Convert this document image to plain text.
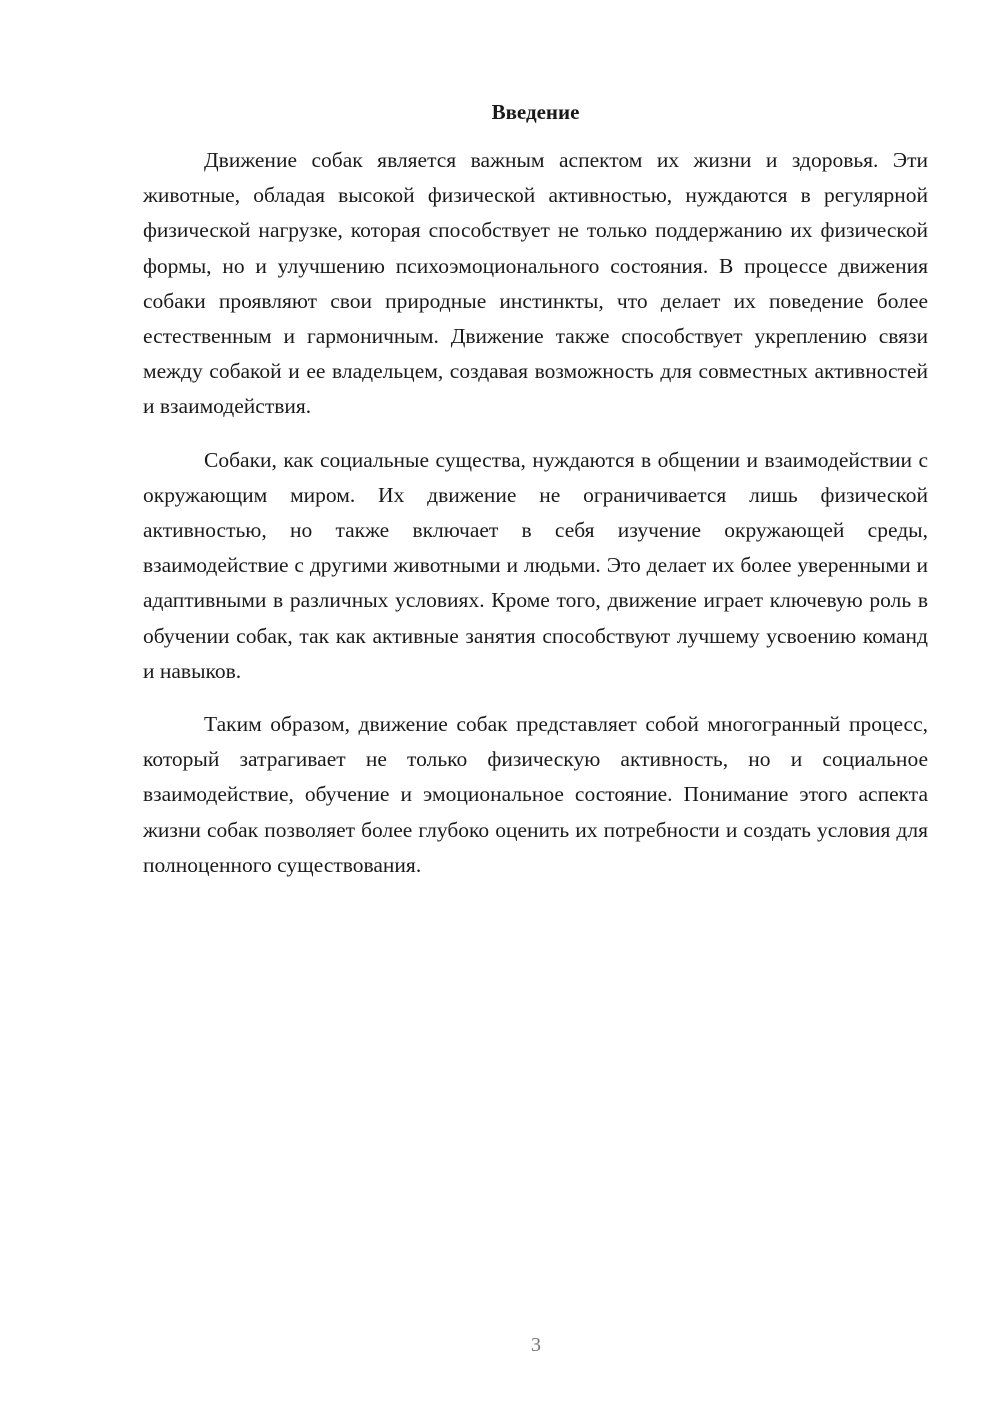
Введение

Движение собак является важным аспектом их жизни и здоровья. Эти животные, обладая высокой физической активностью, нуждаются в регулярной физической нагрузке, которая способствует не только поддержанию их физической формы, но и улучшению психоэмоционального состояния. В процессе движения собаки проявляют свои природные инстинкты, что делает их поведение более естественным и гармоничным. Движение также способствует укреплению связи между собакой и ее владельцем, создавая возможность для совместных активностей и взаимодействия.

Собаки, как социальные существа, нуждаются в общении и взаимодействии с окружающим миром. Их движение не ограничивается лишь физической активностью, но также включает в себя изучение окружающей среды, взаимодействие с другими животными и людьми. Это делает их более уверенными и адаптивными в различных условиях. Кроме того, движение играет ключевую роль в обучении собак, так как активные занятия способствуют лучшему усвоению команд и навыков.

Таким образом, движение собак представляет собой многогранный процесс, который затрагивает не только физическую активность, но и социальное взаимодействие, обучение и эмоциональное состояние. Понимание этого аспекта жизни собак позволяет более глубоко оценить их потребности и создать условия для полноценного существования.

3
